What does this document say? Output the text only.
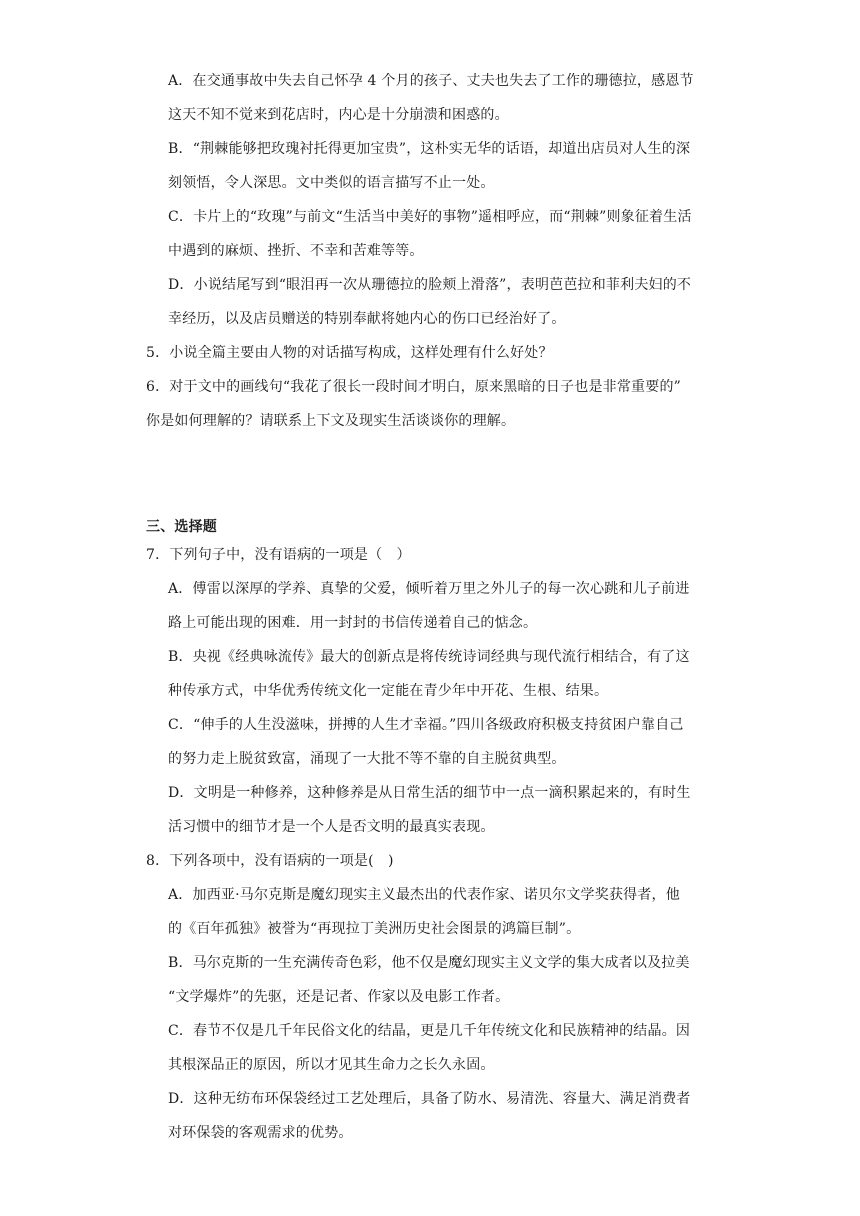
A．在交通事故中失去自己怀孕 4 个月的孩子、丈夫也失去了工作的珊德拉，感恩节
这天不知不觉来到花店时，内心是十分崩溃和困惑的。
B．“荆棘能够把玫瑰衬托得更加宝贵”，这朴实无华的话语，却道出店员对人生的深
刻领悟，令人深思。文中类似的语言描写不止一处。
C．卡片上的“玫瑰”与前文“生活当中美好的事物”遥相呼应，而“荆棘”则象征着生活
中遇到的麻烦、挫折、不幸和苦难等等。
D．小说结尾写到“眼泪再一次从珊德拉的脸颊上滑落”，表明芭芭拉和菲利夫妇的不
幸经历，以及店员赠送的特别奉献将她内心的伤口已经治好了。
5．小说全篇主要由人物的对话描写构成，这样处理有什么好处？
6．对于文中的画线句“我花了很长一段时间才明白，原来黑暗的日子也是非常重要的”
你是如何理解的？请联系上下文及现实生活谈谈你的理解。
三、选择题
7．下列句子中，没有语病的一项是（　）
A．傅雷以深厚的学养、真挚的父爱，倾听着万里之外儿子的每一次心跳和儿子前进
路上可能出现的困难．用一封封的书信传递着自己的惦念。
B．央视《经典咏流传》最大的创新点是将传统诗词经典与现代流行相结合，有了这
种传承方式，中华优秀传统文化一定能在青少年中开花、生根、结果。
C．“伸手的人生没滋味，拼搏的人生才幸福。”四川各级政府积极支持贫困户靠自己
的努力走上脱贫致富，涌现了一大批不等不靠的自主脱贫典型。
D．文明是一种修养，这种修养是从日常生活的细节中一点一滴积累起来的，有时生
活习惯中的细节才是一个人是否文明的最真实表现。
8．下列各项中，没有语病的一项是(　)
A．加西亚·马尔克斯是魔幻现实主义最杰出的代表作家、诺贝尔文学奖获得者，他
的《百年孤独》被誉为“再现拉丁美洲历史社会图景的鸿篇巨制”。
B．马尔克斯的一生充满传奇色彩，他不仅是魔幻现实主义文学的集大成者以及拉美
“文学爆炸”的先驱，还是记者、作家以及电影工作者。
C．春节不仅是几千年民俗文化的结晶，更是几千年传统文化和民族精神的结晶。因
其根深品正的原因，所以才见其生命力之长久永固。
D．这种无纺布环保袋经过工艺处理后，具备了防水、易清洗、容量大、满足消费者
对环保袋的客观需求的优势。
